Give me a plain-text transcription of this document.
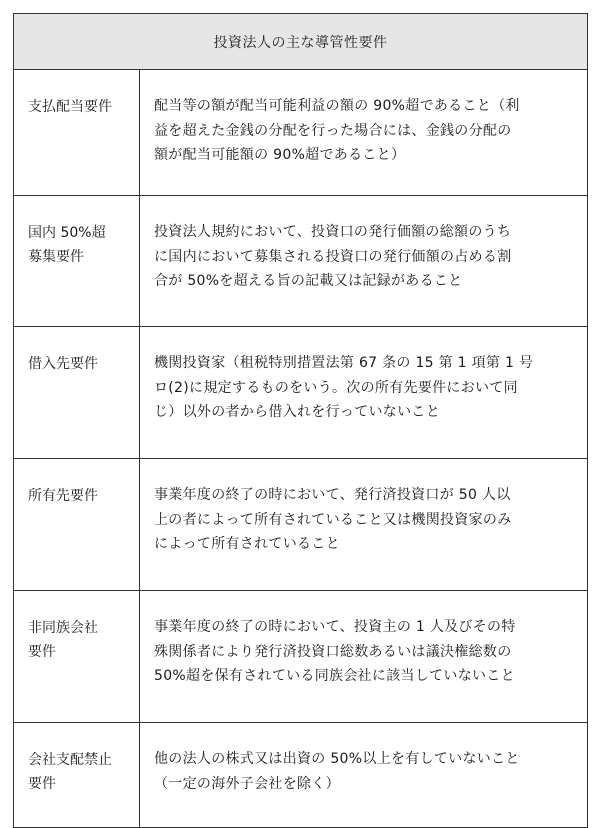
投資法人の主な導管性要件	
支払配当要件	配当等の額が配当可能利益の額の 90%超であること（利
益を超えた金銭の分配を行った場合には、金銭の分配の
額が配当可能額の 90%超であること）

国内 50%超
募集要件	投資法人規約において、投資口の発行価額の総額のうち
に国内において募集される投資口の発行価額の占める割
合が 50%を超える旨の記載又は記録があること

借入先要件	機関投資家（租税特別措置法第 67 条の 15 第 1 項第 1 号
ロ(2)に規定するものをいう。次の所有先要件において同
じ）以外の者から借入れを行っていないこと

所有先要件	事業年度の終了の時において、発行済投資口が 50 人以
上の者によって所有されていること又は機関投資家のみ
によって所有されていること

非同族会社
要件	事業年度の終了の時において、投資主の 1 人及びその特
殊関係者により発行済投資口総数あるいは議決権総数の
50%超を保有されている同族会社に該当していないこと

会社支配禁止
要件	他の法人の株式又は出資の 50%以上を有していないこと
（一定の海外子会社を除く）
